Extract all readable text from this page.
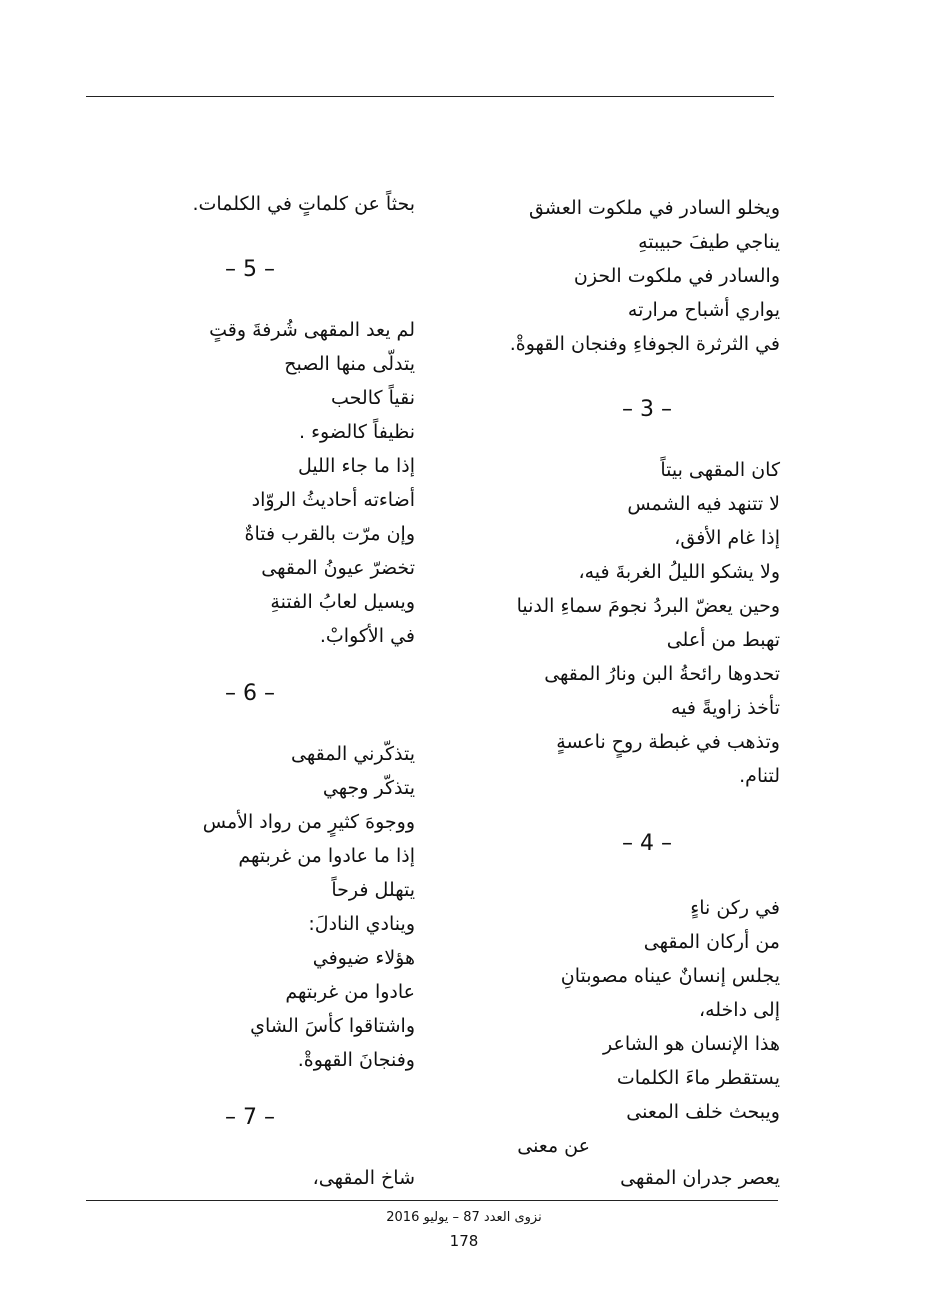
ويخلو السادر في ملكوت العشق
يناجي طيفَ حبيبتهِ
والسادر في ملكوت الحزن
يواري أشباح مرارته
في الثرثرة الجوفاءِ وفنجان القهوةْ.
– 3 –
كان المقهى بيتاً
لا تتنهد فيه الشمس
إذا غام الأفق،
ولا يشكو الليلُ الغربةَ فيه،
وحين يعضّ البردُ نجومَ سماءِ الدنيا
تهبط من أعلى
تحدوها رائحةُ البن ونارُ المقهى
تأخذ زاويةً فيه
وتذهب في غبطة روحٍ ناعسةٍ
لتنام.
– 4 –
في ركن ناءٍ
من أركان المقهى
يجلس إنسانٌ عيناه مصوبتانِ
إلى داخله،
هذا الإنسان هو الشاعر
يستقطر ماءَ الكلمات
ويبحث خلف المعنى
عن معنى
يعصر جدران المقهى
بحثاً عن كلماتٍ في الكلمات.
– 5 –
لم يعد المقهى شُرفةَ وقتٍ
يتدلّى منها الصبح
نقياً كالحب
نظيفاً كالضوء .
إذا ما جاء الليل
أضاءته أحاديثُ الروّاد
وإن مرّت بالقرب فتاةٌ
تخضرّ عيونُ المقهى
ويسيل لعابُ الفتنةِ
في الأكوابْ.
– 6 –
يتذكّرني المقهى
يتذكّر وجهي
ووجوهَ كثيرٍ من رواد الأمس
إذا ما عادوا من غربتهم
يتهلل فرحاً
وينادي النادلَ:
هؤلاء ضيوفي
عادوا من غربتهم
واشتاقوا كأسَ الشاي
وفنجانَ القهوةْ.
– 7 –
شاخ المقهى،
نزوى العدد 87 – يوليو 2016
178
